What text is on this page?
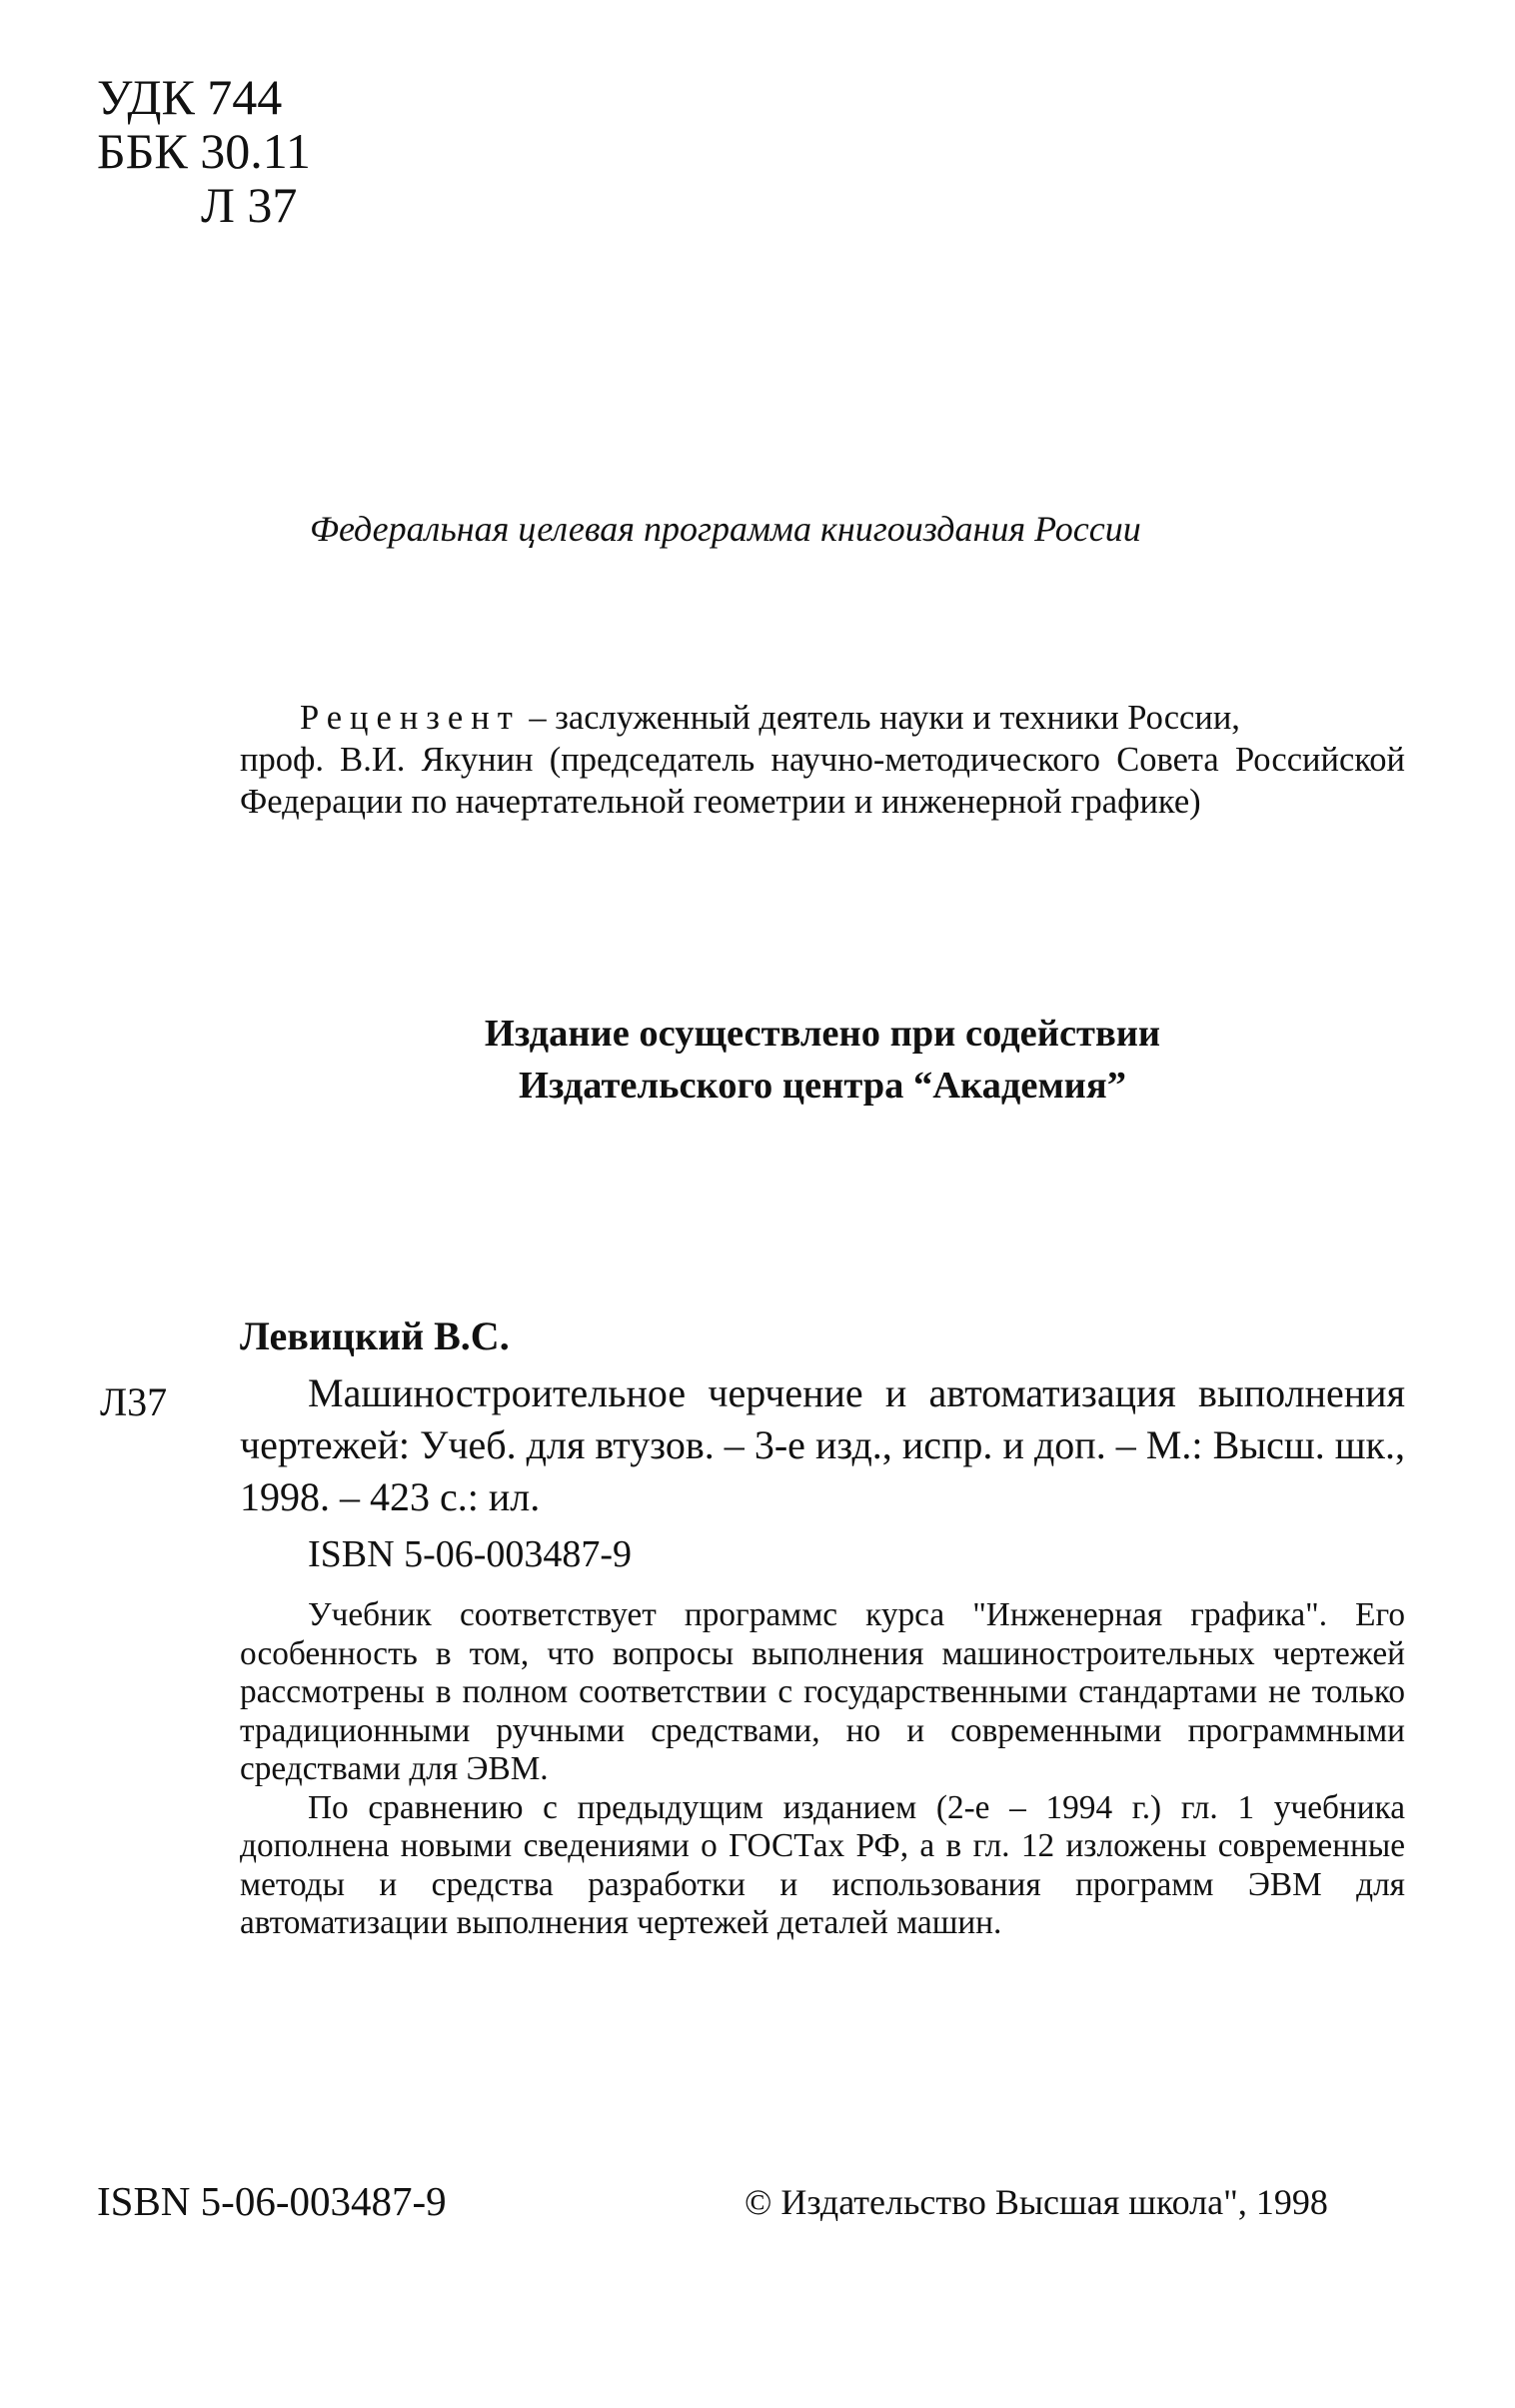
УДК 744
ББК 30.11
Л 37
Федеральная целевая программа книгоиздания России
Рецензент – заслуженный деятель науки и техники России,
проф. В.И. Якунин (председатель научно-методического Совета Российской Федерации по начертательной геометрии и инженерной графике)
Издание осуществлено при содействии
Издательского центра “Академия”
Левицкий В.С.
Л37	Машиностроительное черчение и автоматизация выполнения чертежей: Учеб. для втузов. – 3-е изд., испр. и доп. – М.: Высш. шк., 1998. – 423 с.: ил.
ISBN 5-06-003487-9

Учебник соответствует программс курса "Инженерная графика". Его особенность в том, что вопросы выполнения машиностроительных чертежей рассмотрены в полном соответствии с государственными стандартами не только традиционными ручными средствами, но и современными программными средствами для ЭВМ.

По сравнению с предыдущим изданием (2-е – 1994 г.) гл. 1 учебника дополнена новыми сведениями о ГОСТах РФ, а в гл. 12 изложены современные методы и средства разработки и использования программ ЭВМ для автоматизации выполнения чертежей деталей машин.

ISBN 5-06-003487-9	© Издательство Высшая школа", 1998
